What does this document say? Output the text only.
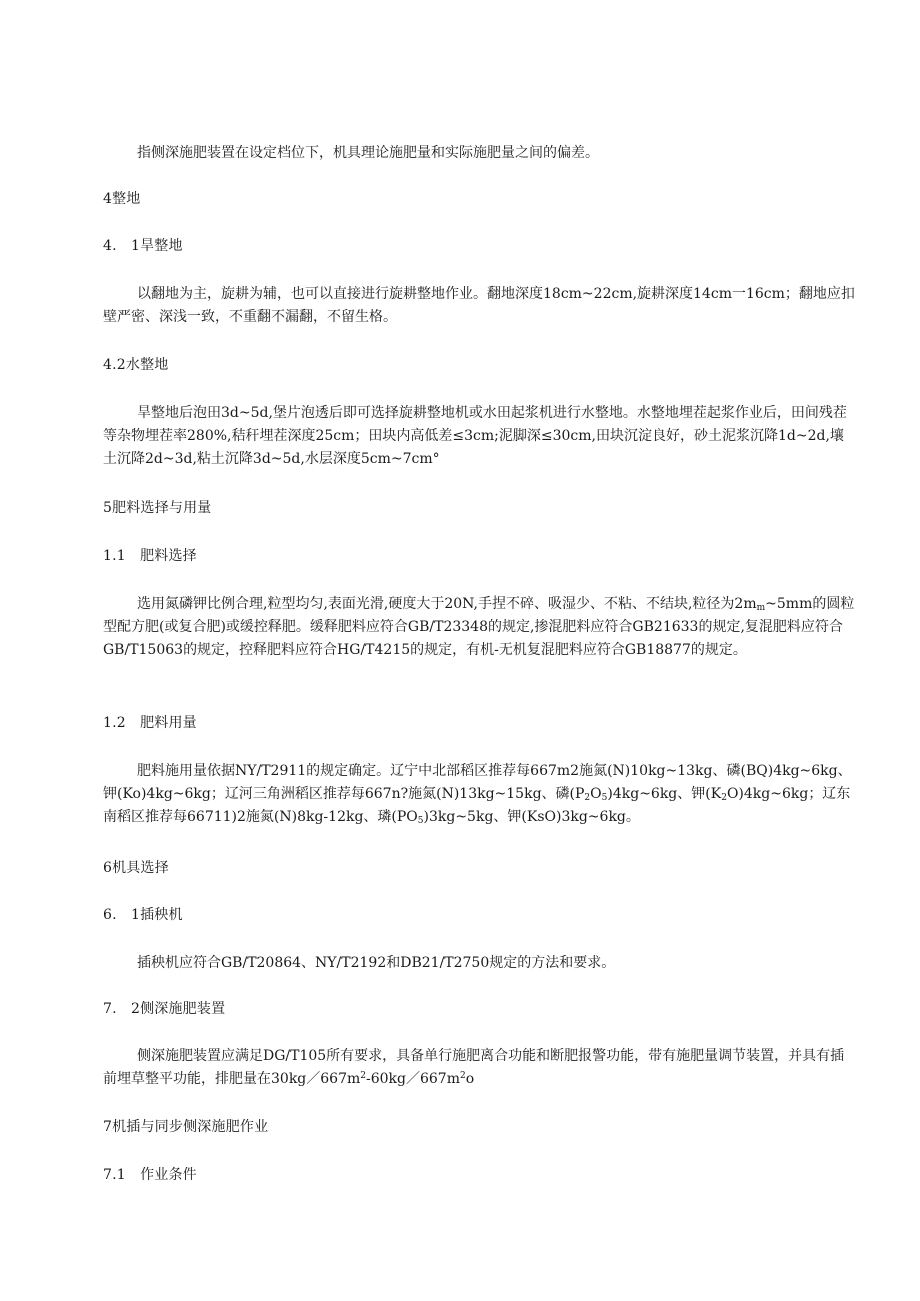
指侧深施肥装置在设定档位下，机具理论施肥量和实际施肥量之间的偏差。

4整地

4.　1旱整地

以翻地为主，旋耕为辅，也可以直接进行旋耕整地作业。翻地深度18cm~22cm,旋耕深度14cm一16cm；翻地应扣壁严密、深浅一致，不重翻不漏翻，不留生格。

4.2水整地

旱整地后泡田3d~5d,堡片泡透后即可选择旋耕整地机或水田起浆机进行水整地。水整地埋茬起浆作业后，田间残茬等杂物埋茬率280%,秸秆埋茬深度25cm；田块内高低差≤3cm;泥脚深≤30cm,田块沉淀良好，砂土泥浆沉降1d~2d,壤土沉降2d~3d,粘土沉降3d~5d,水层深度5cm~7cm°

5肥料选择与用量

1.1　肥料选择

选用氮磷钾比例合理,粒型均匀,表面光滑,硬度大于20N,手捏不碎、吸湿少、不粘、不结块,粒径为$2m_m\sim 5mm$的圆粒型配方肥(或复合肥)或缓控释肥。缓释肥料应符合GB/T23348的规定,掺混肥料应符合GB21633的规定,复混肥料应符合GB/T15063的规定，控释肥料应符合HG/T4215的规定，有机-无机复混肥料应符合GB18877的规定。

1.2　肥料用量

肥料施用量依据NY/T2911的规定确定。辽宁中北部稻区推荐每667m2施氮(N)10kg~13kg、磷(BQ)4kg~6kg、钾(Ko)4kg~6kg；辽河三角洲稻区推荐每667n?施氮(N)13kg~15kg、磷$(P_2O_5)4kg\sim 6kg$、钾$(K_2O)4kg\sim 6kg$；辽东南稻区推荐每66711)2施氮(N)8kg-12kg、璘$(PO_5)3kg\sim 5kg$、钾(KsO)3kg~6kg。

6机具选择

6.　1插秧机

插秧机应符合GB/T20864、NY/T2192和DB21/T2750规定的方法和要求。

7.　2侧深施肥装置

侧深施肥装置应满足DG/T105所有要求，具备单行施肥离合功能和断肥报警功能，带有施肥量调节装置，并具有插前埋草整平功能，排肥量在$30kg/667m^2-60kg/667m^2o$

7机插与同步侧深施肥作业

7.1　作业条件
